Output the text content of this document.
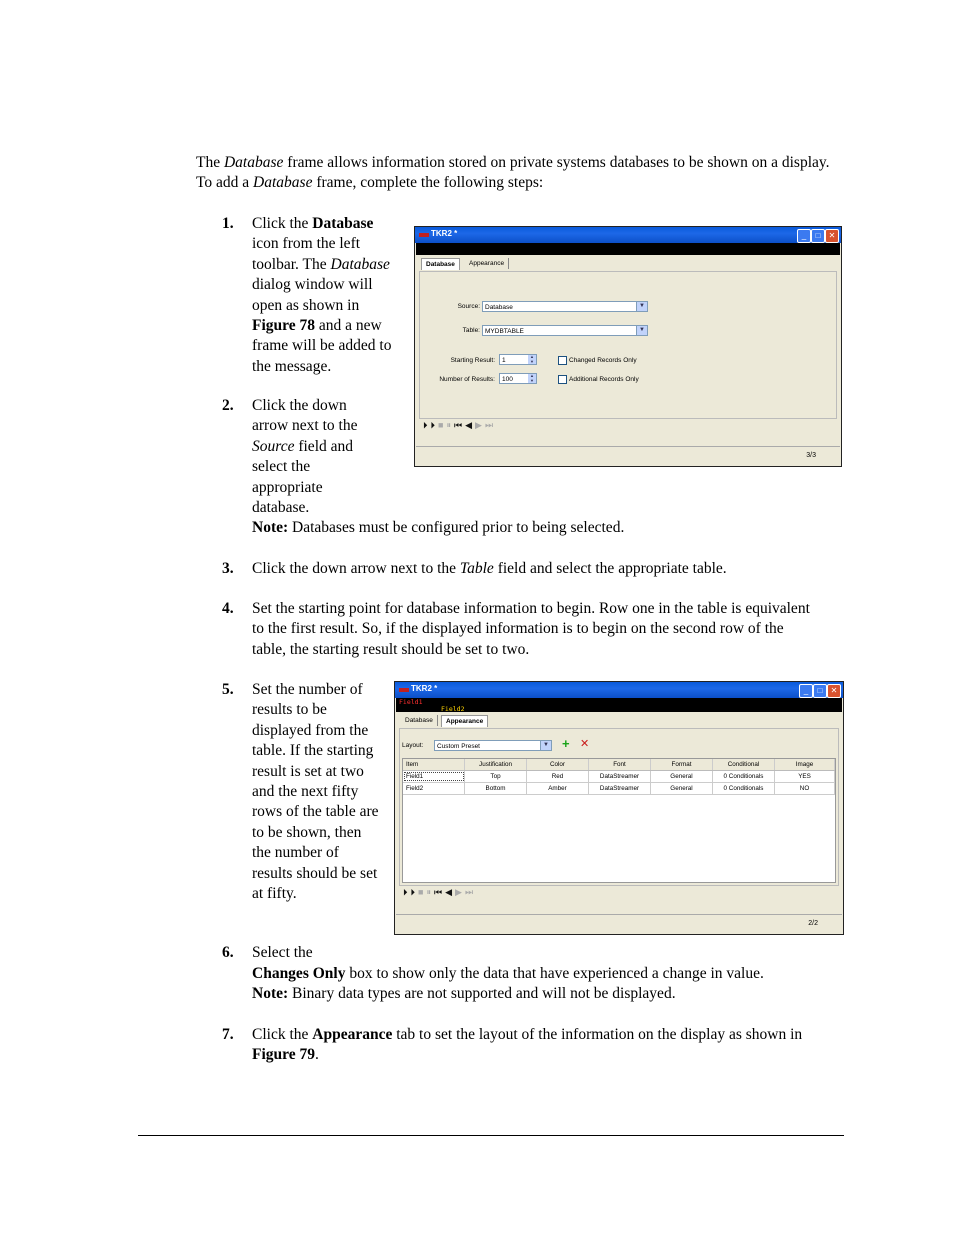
The Database frame allows information stored on private systems databases to be shown on a display. To add a Database frame, complete the following steps:
1. Click the Database icon from the left toolbar. The Database dialog window will open as shown in Figure 78 and a new frame will be added to the message.
2. Click the down arrow next to the Source field and select the appropriate database.
Note: Databases must be configured prior to being selected.
3. Click the down arrow next to the Table field and select the appropriate table.
4. Set the starting point for database information to begin. Row one in the table is equivalent to the first result. So, if the displayed information is to begin on the second row of the table, the starting result should be set to two.
5. Set the number of results to be displayed from the table. If the starting result is set at two and the next fifty rows of the table are to be shown, then the number of results should be set at fifty.
6. Select the
Changes Only box to show only the data that have experienced a change in value.
Note: Binary data types are not supported and will not be displayed.
7. Click the Appearance tab to set the layout of the information on the display as shown in Figure 79.
TKR2 *	_	□	✕
Database	Appearance
Source: Database	▼
Table: MYDBTABLE	▼
Starting Result:	1
▲
▼
Number of Results:	100
▲
▼
Changed Records Only
Additional Records Only
⏵⏵■⏸⏮◀▶⏭
3/3
TKR2 *	_	□	✕
Field1
Field2
Database	Appearance
Layout:	Custom Preset	▼ + ✕
Item	Justification	Color	Font	Format	Conditional	Image
Field1	Top	Red	DataStreamer	General	0 Conditionals	YES
Field2	Bottom	Amber	DataStreamer	General	0 Conditionals	NO
⏵⏵■⏸⏮◀▶⏭
2/2
